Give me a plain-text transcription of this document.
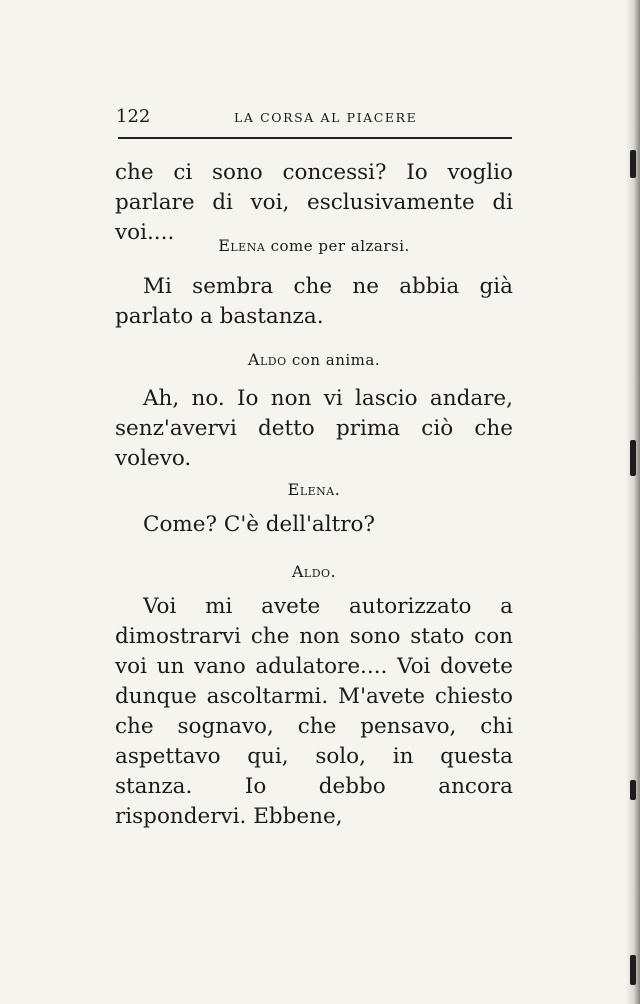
122	LA CORSA AL PIACERE
che ci sono concessi? Io voglio parlare di voi, esclusivamente di voi....
Elena come per alzarsi.
Mi sembra che ne abbia già parlato a bastanza.
Aldo con anima.
Ah, no. Io non vi lascio andare, senz'avervi detto prima ciò che volevo.
Elena.
Come? C'è dell'altro?
Aldo.
Voi mi avete autorizzato a dimostrarvi che non sono stato con voi un vano adulatore.... Voi dovete dunque ascoltarmi. M'avete chiesto che sognavo, che pensavo, chi aspettavo qui, solo, in questa stanza. Io debbo ancora rispondervi. Ebbene,
